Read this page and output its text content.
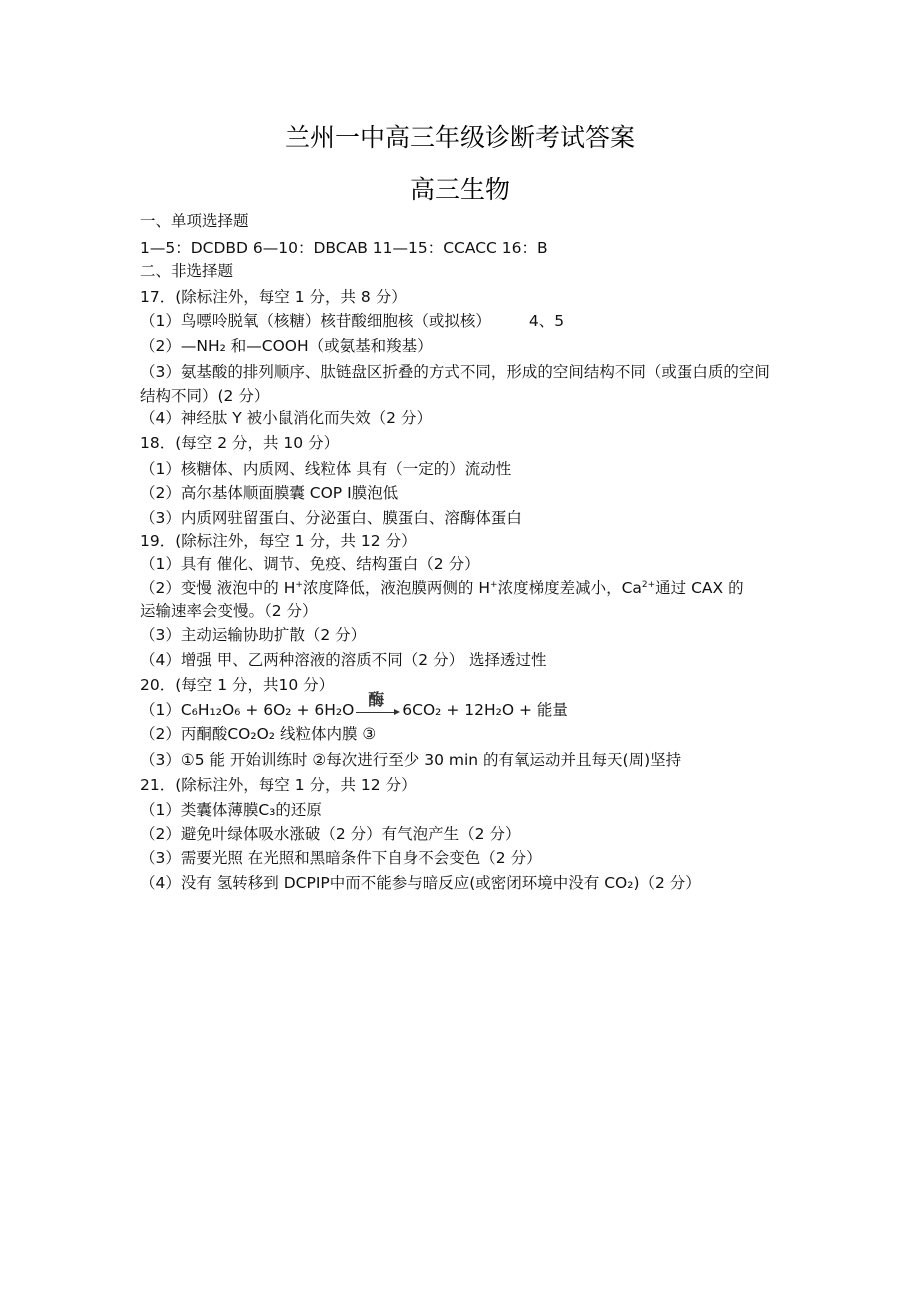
兰州一中高三年级诊断考试答案
高三生物
一、单项选择题
1—5：DCDBD 6—10：DBCAB 11—15：CCACC 16：B
二、非选择题
17．(除标注外，每空 1 分，共 8 分）
（1）鸟嘌呤脱氧（核糖）核苷酸细胞核（或拟核） 4、5
（2）—NH₂ 和—COOH（或氨基和羧基）
（3）氨基酸的排列顺序、肽链盘区折叠的方式不同，形成的空间结构不同（或蛋白质的空间结构不同）(2 分）
（4）神经肽 Y 被小鼠消化而失效（2 分）
18．(每空 2 分，共 10 分）
（1）核糖体、内质网、线粒体 具有（一定的）流动性
（2）高尔基体顺面膜囊 COP Ⅰ膜泡低
（3）内质网驻留蛋白、分泌蛋白、膜蛋白、溶酶体蛋白
19．(除标注外，每空 1 分，共 12 分）
（1）具有 催化、调节、免疫、结构蛋白（2 分）
（2）变慢 液泡中的 H+浓度降低，液泡膜两侧的 H+浓度梯度差减小，$Ca^{2+}$通过 CAX 的
运输速率会变慢。（2 分）
（3）主动运输协助扩散（2 分）
（4）增强 甲、乙两种溶液的溶质不同（2 分） 选择透过性
20．(每空 1 分，共10 分）
（1）C₆H₁₂O₆ + 6O₂ + 6H₂O
酶
6CO₂ + 12H₂O + 能量
（2）丙酮酸CO₂O₂ 线粒体内膜 ③
（3）①5 能 开始训练时 ②每次进行至少 30 min 的有氧运动并且每天(周)坚持
21．(除标注外，每空 1 分，共 12 分）
（1）类囊体薄膜C₃的还原
（2）避免叶绿体吸水涨破（2 分）有气泡产生（2 分）
（3）需要光照 在光照和黑暗条件下自身不会变色（2 分）
（4）没有 氢转移到 DCPIP中而不能参与暗反应(或密闭环境中没有 CO₂)（2 分）
